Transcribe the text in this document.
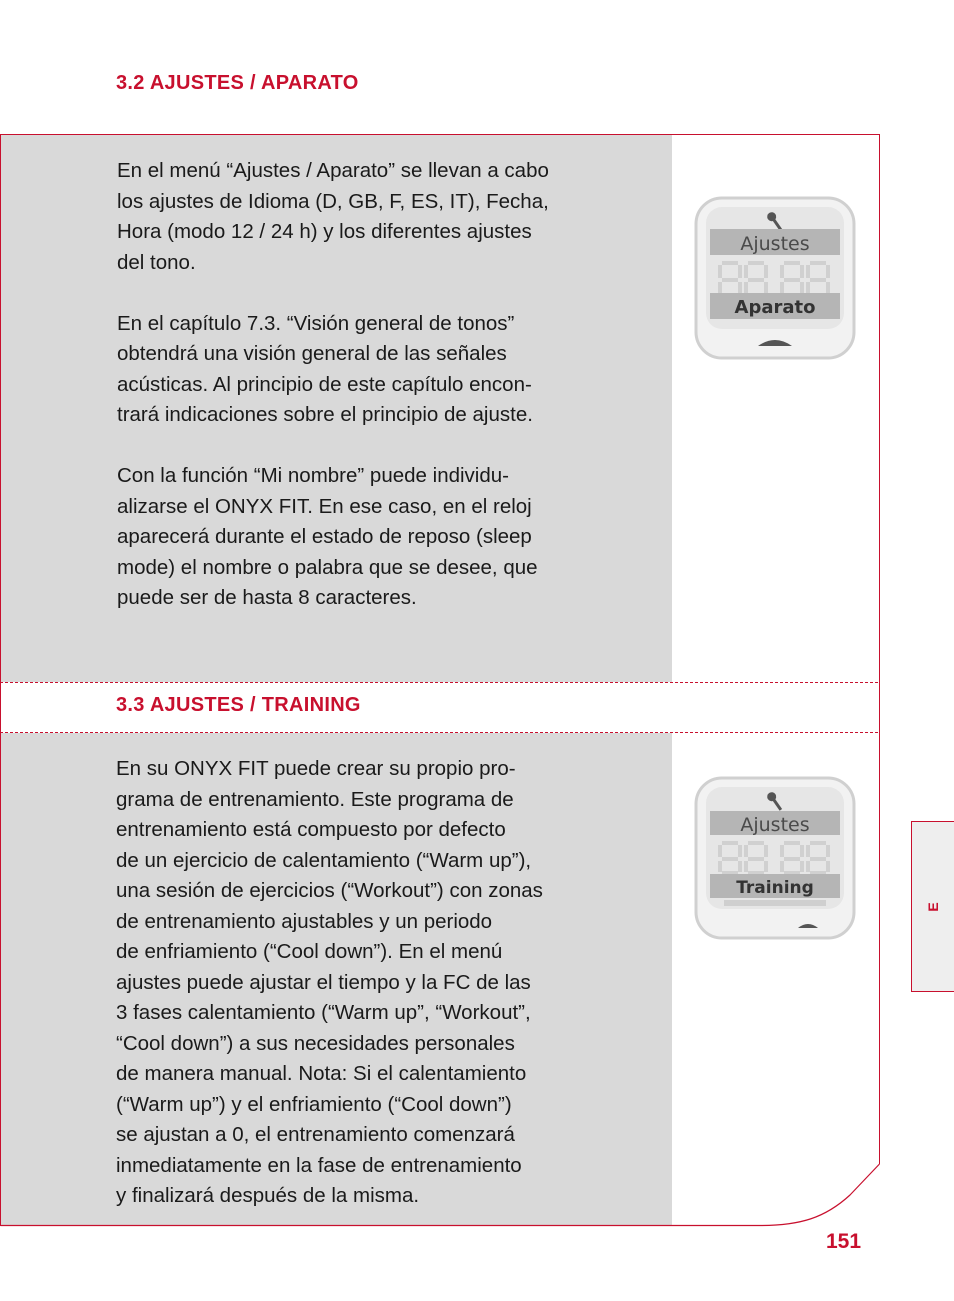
3.2 AJUSTES / APARATO

En el menú “Ajustes / Aparato” se llevan a cabo
los ajustes de Idioma (D, GB, F, ES, IT), Fecha,
Hora (modo 12 / 24 h) y los diferentes ajustes
del tono.

En el capítulo 7.3. “Visión general de tonos”
obtendrá una visión general de las señales
acústicas. Al principio de este capítulo encon-
trará indicaciones sobre el principio de ajuste.

Con la función “Mi nombre” puede individu-
alizarse el ONYX FIT. En ese caso, en el reloj
aparecerá durante el estado de reposo (sleep
mode) el nombre o palabra que se desee, que
puede ser de hasta 8 caracteres.

Ajustes
Aparato
3.3 AJUSTES / TRAINING

En su ONYX FIT puede crear su propio pro-
grama de entrenamiento. Este programa de
entrenamiento está compuesto por defecto
de un ejercicio de calentamiento (“Warm up”),
una sesión de ejercicios (“Workout”) con zonas
de entrenamiento ajustables y un periodo
de enfriamiento (“Cool down”). En el menú
ajustes puede ajustar el tiempo y la FC de las
3 fases calentamiento (“Warm up”, “Workout”,
“Cool down”) a sus necesidades personales
de manera manual. Nota: Si el calentamiento
(“Warm up”) y el enfriamiento (“Cool down”)
se ajustan a 0, el entrenamiento comenzará
inmediatamente en la fase de entrenamiento
y finalizará después de la misma.

Ajustes
Training
E
151
